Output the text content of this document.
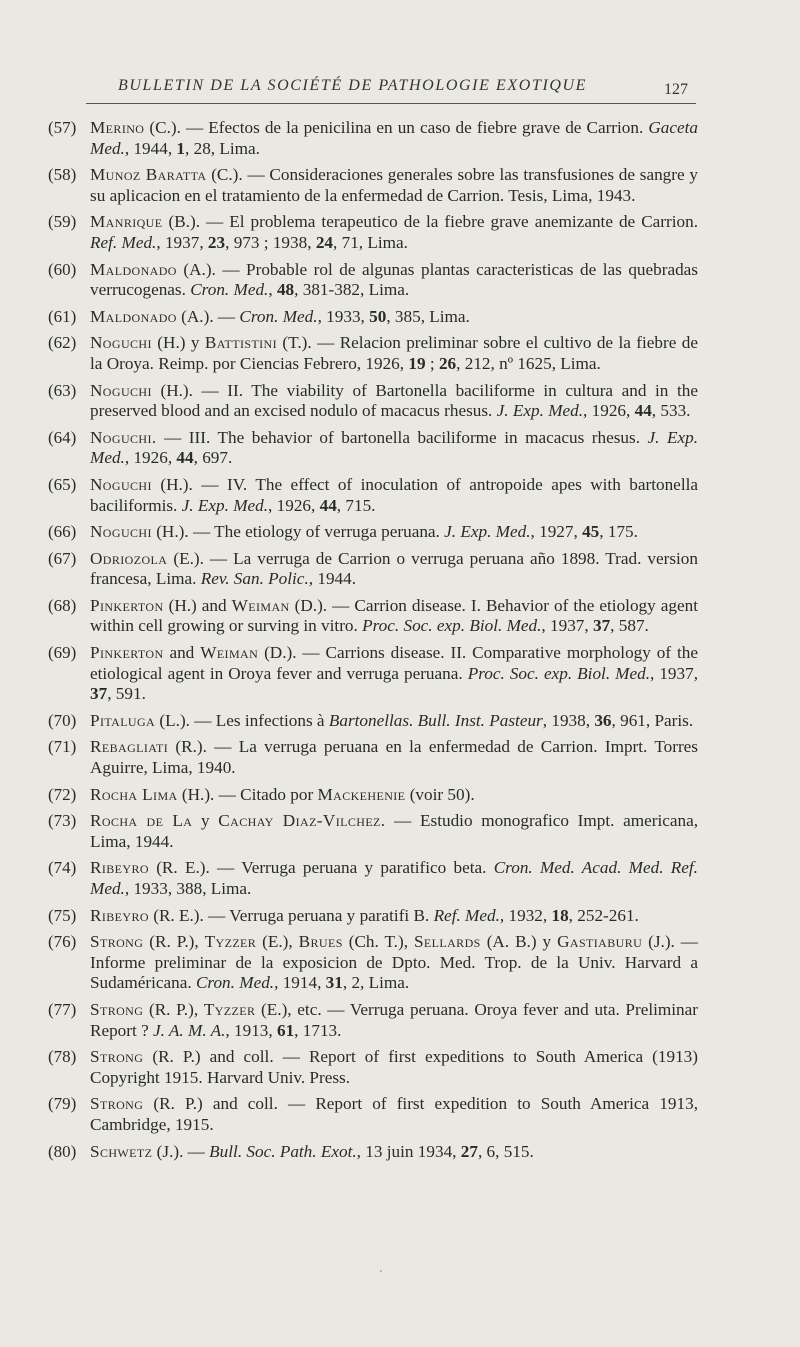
BULLETIN DE LA SOCIÉTÉ DE PATHOLOGIE EXOTIQUE	127
(57) Merino (C.). — Efectos de la penicilina en un caso de fiebre grave de Carrion. Gaceta Med., 1944, 1, 28, Lima.
(58) Munoz Baratta (C.). — Consideraciones generales sobre las transfusiones de sangre y su aplicacion en el tratamiento de la enfermedad de Carrion. Tesis, Lima, 1943.
(59) Manrique (B.). — El problema terapeutico de la fiebre grave anemizante de Carrion. Ref. Med., 1937, 23, 973 ; 1938, 24, 71, Lima.
(60) Maldonado (A.). — Probable rol de algunas plantas caracteristicas de las quebradas verrucogenas. Cron. Med., 48, 381-382, Lima.
(61) Maldonado (A.). — Cron. Med., 1933, 50, 385, Lima.
(62) Noguchi (H.) y Battistini (T.). — Relacion preliminar sobre el cultivo de la fiebre de la Oroya. Reimp. por Ciencias Febrero, 1926, 19 ; 26, 212, nº 1625, Lima.
(63) Noguchi (H.). — II. The viability of Bartonella baciliforme in cultura and in the preserved blood and an excised nodulo of macacus rhesus. J. Exp. Med., 1926, 44, 533.
(64) Noguchi. — III. The behavior of bartonella baciliforme in macacus rhesus. J. Exp. Med., 1926, 44, 697.
(65) Noguchi (H.). — IV. The effect of inoculation of antropoide apes with bartonella baciliformis. J. Exp. Med., 1926, 44, 715.
(66) Noguchi (H.). — The etiology of verruga peruana. J. Exp. Med., 1927, 45, 175.
(67) Odriozola (E.). — La verruga de Carrion o verruga peruana año 1898. Trad. version francesa, Lima. Rev. San. Polic., 1944.
(68) Pinkerton (H.) and Weiman (D.). — Carrion disease. I. Behavior of the etiology agent within cell growing or surving in vitro. Proc. Soc. exp. Biol. Med., 1937, 37, 587.
(69) Pinkerton and Weiman (D.). — Carrions disease. II. Comparative morphology of the etiological agent in Oroya fever and verruga peruana. Proc. Soc. exp. Biol. Med., 1937, 37, 591.
(70) Pitaluga (L.). — Les infections à Bartonellas. Bull. Inst. Pasteur, 1938, 36, 961, Paris.
(71) Rebagliati (R.). — La verruga peruana en la enfermedad de Carrion. Imprt. Torres Aguirre, Lima, 1940.
(72) Rocha Lima (H.). — Citado por Mackehenie (voir 50).
(73) Rocha de La y Cachay Diaz-Vilchez. — Estudio monografico Impt. americana, Lima, 1944.
(74) Ribeyro (R. E.). — Verruga peruana y paratifico beta. Cron. Med. Acad. Med. Ref. Med., 1933, 388, Lima.
(75) Ribeyro (R. E.). — Verruga peruana y paratifi B. Ref. Med., 1932, 18, 252-261.
(76) Strong (R. P.), Tyzzer (E.), Brues (Ch. T.), Sellards (A. B.) y Gastiaburu (J.). — Informe preliminar de la exposicion de Dpto. Med. Trop. de la Univ. Harvard a Sudaméricana. Cron. Med., 1914, 31, 2, Lima.
(77) Strong (R. P.), Tyzzer (E.), etc. — Verruga peruana. Oroya fever and uta. Preliminar Report ? J. A. M. A., 1913, 61, 1713.
(78) Strong (R. P.) and coll. — Report of first expeditions to South America (1913) Copyright 1915. Harvard Univ. Press.
(79) Strong (R. P.) and coll. — Report of first expedition to South America 1913, Cambridge, 1915.
(80) Schwetz (J.). — Bull. Soc. Path. Exot., 13 juin 1934, 27, 6, 515.
